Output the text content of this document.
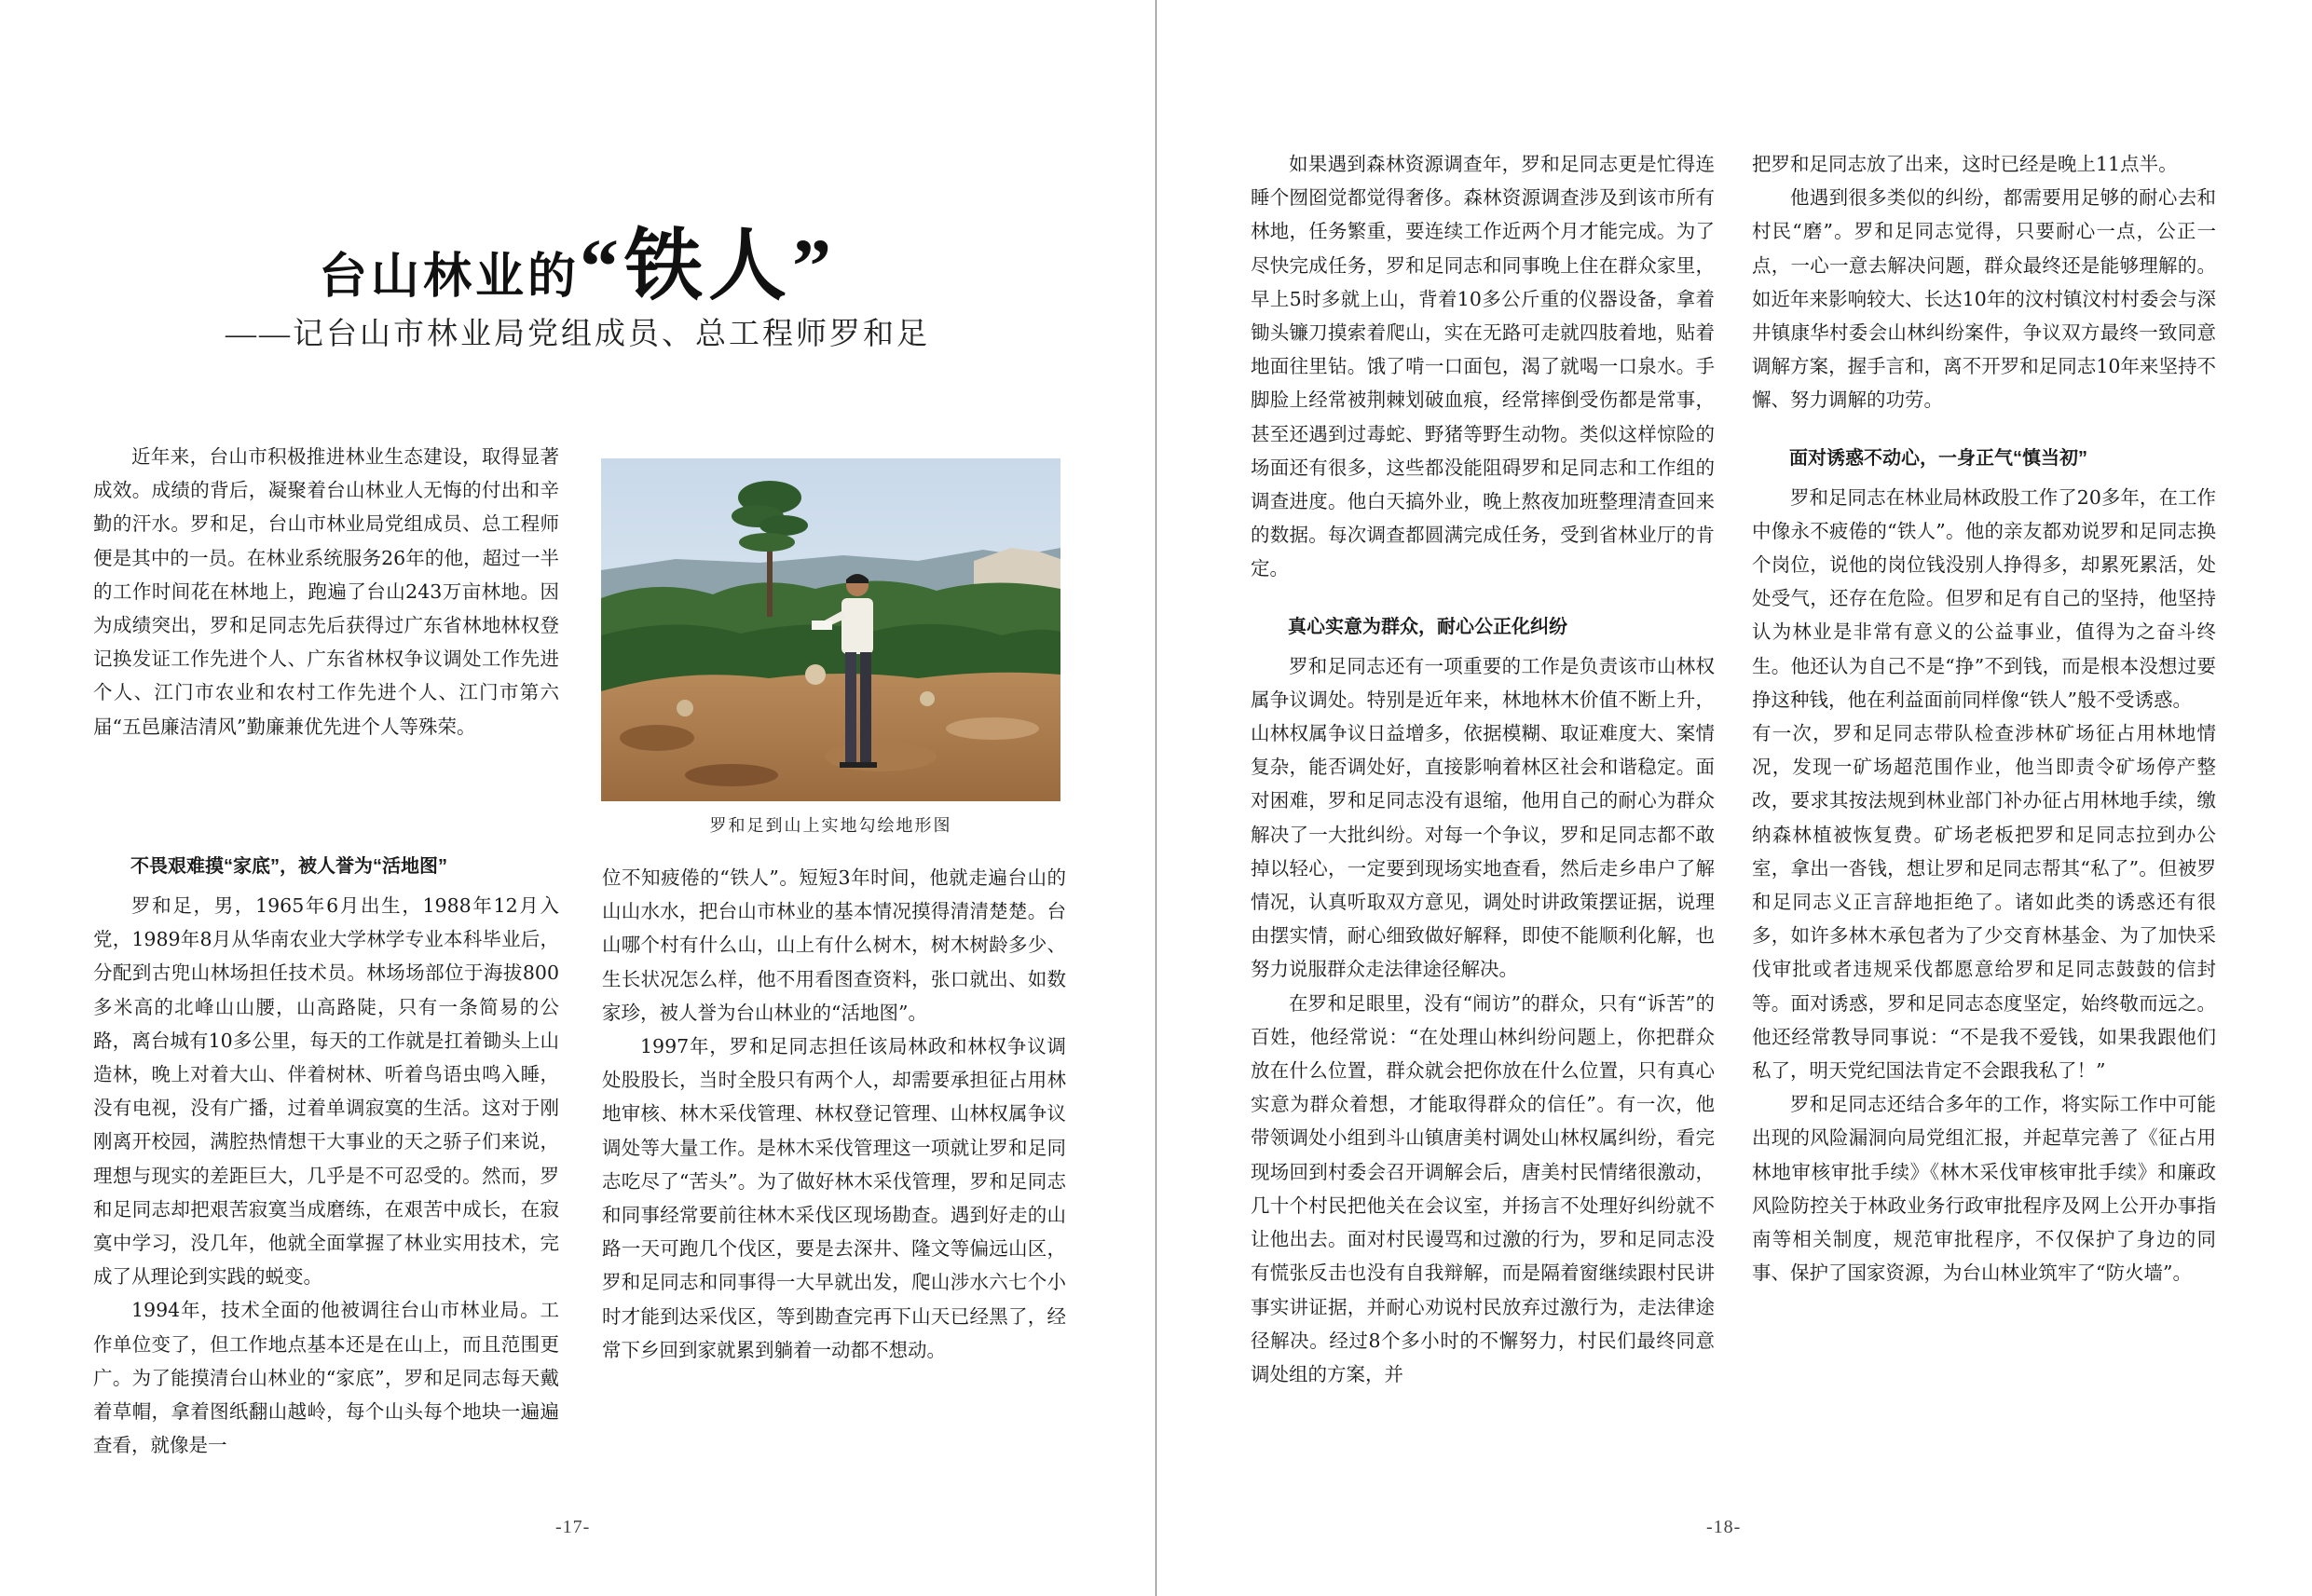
台山林业的“铁人”
——记台山市林业局党组成员、总工程师罗和足

近年来，台山市积极推进林业生态建设，取得显著成效。成绩的背后，凝聚着台山林业人无悔的付出和辛勤的汗水。罗和足，台山市林业局党组成员、总工程师便是其中的一员。在林业系统服务26年的他，超过一半的工作时间花在林地上，跑遍了台山243万亩林地。因为成绩突出，罗和足同志先后获得过广东省林地林权登记换发证工作先进个人、广东省林权争议调处工作先进个人、江门市农业和农村工作先进个人、江门市第六届“五邑廉洁清风”勤廉兼优先进个人等殊荣。

罗和足到山上实地勾绘地形图
不畏艰难摸“家底”，被人誉为“活地图”

罗和足，男，1965年6月出生，1988年12月入党，1989年8月从华南农业大学林学专业本科毕业后，分配到古兜山林场担任技术员。林场场部位于海拔800多米高的北峰山山腰，山高路陡，只有一条简易的公路，离台城有10多公里，每天的工作就是扛着锄头上山造林，晚上对着大山、伴着树林、听着鸟语虫鸣入睡，没有电视，没有广播，过着单调寂寞的生活。这对于刚刚离开校园，满腔热情想干大事业的天之骄子们来说，理想与现实的差距巨大，几乎是不可忍受的。然而，罗和足同志却把艰苦寂寞当成磨练，在艰苦中成长，在寂寞中学习，没几年，他就全面掌握了林业实用技术，完成了从理论到实践的蜕变。

1994年，技术全面的他被调往台山市林业局。工作单位变了，但工作地点基本还是在山上，而且范围更广。为了能摸清台山林业的“家底”，罗和足同志每天戴着草帽，拿着图纸翻山越岭，每个山头每个地块一遍遍查看，就像是一

位不知疲倦的“铁人”。短短3年时间，他就走遍台山的山山水水，把台山市林业的基本情况摸得清清楚楚。台山哪个村有什么山，山上有什么树木，树木树龄多少、生长状况怎么样，他不用看图查资料，张口就出、如数家珍，被人誉为台山林业的“活地图”。

1997年，罗和足同志担任该局林政和林权争议调处股股长，当时全股只有两个人，却需要承担征占用林地审核、林木采伐管理、林权登记管理、山林权属争议调处等大量工作。是林木采伐管理这一项就让罗和足同志吃尽了“苦头”。为了做好林木采伐管理，罗和足同志和同事经常要前往林木采伐区现场勘查。遇到好走的山路一天可跑几个伐区，要是去深井、隆文等偏远山区，罗和足同志和同事得一大早就出发，爬山涉水六七个小时才能到达采伐区，等到勘查完再下山天已经黑了，经常下乡回到家就累到躺着一动都不想动。

-17-

如果遇到森林资源调查年，罗和足同志更是忙得连睡个囫囵觉都觉得奢侈。森林资源调查涉及到该市所有林地，任务繁重，要连续工作近两个月才能完成。为了尽快完成任务，罗和足同志和同事晚上住在群众家里，早上5时多就上山，背着10多公斤重的仪器设备，拿着锄头镰刀摸索着爬山，实在无路可走就四肢着地，贴着地面往里钻。饿了啃一口面包，渴了就喝一口泉水。手脚脸上经常被荆棘划破血痕，经常摔倒受伤都是常事，甚至还遇到过毒蛇、野猪等野生动物。类似这样惊险的场面还有很多，这些都没能阻碍罗和足同志和工作组的调查进度。他白天搞外业，晚上熬夜加班整理清查回来的数据。每次调查都圆满完成任务，受到省林业厅的肯定。

真心实意为群众，耐心公正化纠纷

罗和足同志还有一项重要的工作是负责该市山林权属争议调处。特别是近年来，林地林木价值不断上升，山林权属争议日益增多，依据模糊、取证难度大、案情复杂，能否调处好，直接影响着林区社会和谐稳定。面对困难，罗和足同志没有退缩，他用自己的耐心为群众解决了一大批纠纷。对每一个争议，罗和足同志都不敢掉以轻心，一定要到现场实地查看，然后走乡串户了解情况，认真听取双方意见，调处时讲政策摆证据，说理由摆实情，耐心细致做好解释，即使不能顺利化解，也努力说服群众走法律途径解决。

在罗和足眼里，没有“闹访”的群众，只有“诉苦”的百姓，他经常说：“在处理山林纠纷问题上，你把群众放在什么位置，群众就会把你放在什么位置，只有真心实意为群众着想，才能取得群众的信任”。有一次，他带领调处小组到斗山镇唐美村调处山林权属纠纷，看完现场回到村委会召开调解会后，唐美村民情绪很激动，几十个村民把他关在会议室，并扬言不处理好纠纷就不让他出去。面对村民谩骂和过激的行为，罗和足同志没有慌张反击也没有自我辩解，而是隔着窗继续跟村民讲事实讲证据，并耐心劝说村民放弃过激行为，走法律途径解决。经过8个多小时的不懈努力，村民们最终同意调处组的方案，并

把罗和足同志放了出来，这时已经是晚上11点半。

他遇到很多类似的纠纷，都需要用足够的耐心去和村民“磨”。罗和足同志觉得，只要耐心一点，公正一点，一心一意去解决问题，群众最终还是能够理解的。如近年来影响较大、长达10年的汶村镇汶村村委会与深井镇康华村委会山林纠纷案件，争议双方最终一致同意调解方案，握手言和，离不开罗和足同志10年来坚持不懈、努力调解的功劳。

面对诱惑不动心，一身正气“慎当初”

罗和足同志在林业局林政股工作了20多年，在工作中像永不疲倦的“铁人”。他的亲友都劝说罗和足同志换个岗位，说他的岗位钱没别人挣得多，却累死累活，处处受气，还存在危险。但罗和足有自己的坚持，他坚持认为林业是非常有意义的公益事业，值得为之奋斗终生。他还认为自己不是“挣”不到钱，而是根本没想过要挣这种钱，他在利益面前同样像“铁人”般不受诱惑。

有一次，罗和足同志带队检查涉林矿场征占用林地情况，发现一矿场超范围作业，他当即责令矿场停产整改，要求其按法规到林业部门补办征占用林地手续，缴纳森林植被恢复费。矿场老板把罗和足同志拉到办公室，拿出一沓钱，想让罗和足同志帮其“私了”。但被罗和足同志义正言辞地拒绝了。诸如此类的诱惑还有很多，如许多林木承包者为了少交育林基金、为了加快采伐审批或者违规采伐都愿意给罗和足同志鼓鼓的信封等。面对诱惑，罗和足同志态度坚定，始终敬而远之。他还经常教导同事说：“不是我不爱钱，如果我跟他们私了，明天党纪国法肯定不会跟我私了！”

罗和足同志还结合多年的工作，将实际工作中可能出现的风险漏洞向局党组汇报，并起草完善了《征占用林地审核审批手续》《林木采伐审核审批手续》和廉政风险防控关于林政业务行政审批程序及网上公开办事指南等相关制度，规范审批程序，不仅保护了身边的同事、保护了国家资源，为台山林业筑牢了“防火墙”。

-18-
